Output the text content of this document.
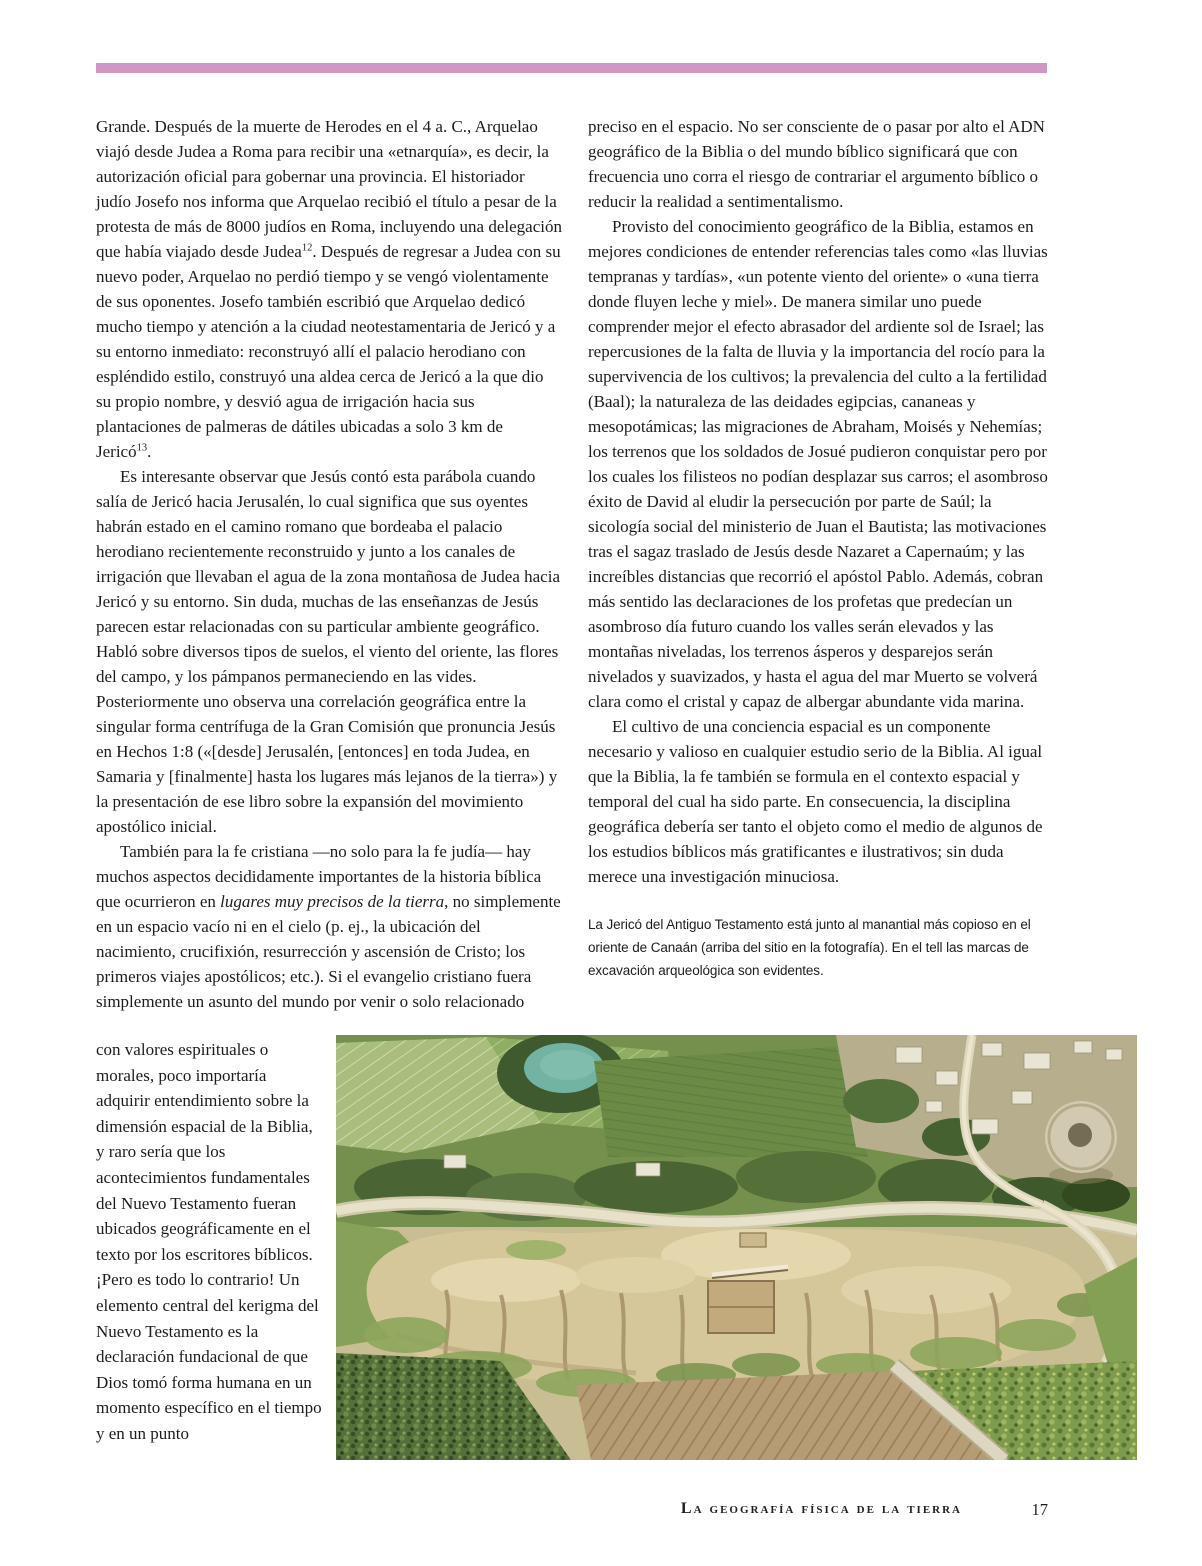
Grande. Después de la muerte de Herodes en el 4 a. C., Arquelao viajó desde Judea a Roma para recibir una «etnarquía», es decir, la autorización oficial para gobernar una provincia. El historiador judío Josefo nos informa que Arquelao recibió el título a pesar de la protesta de más de 8000 judíos en Roma, incluyendo una delegación que había viajado desde Judea$^{12}$. Después de regresar a Judea con su nuevo poder, Arquelao no perdió tiempo y se vengó violentamente de sus oponentes. Josefo también escribió que Arquelao dedicó mucho tiempo y atención a la ciudad neotestamentaria de Jericó y a su entorno inmediato: reconstruyó allí el palacio herodiano con espléndido estilo, construyó una aldea cerca de Jericó a la que dio su propio nombre, y desvió agua de irrigación hacia sus plantaciones de palmeras de dátiles ubicadas a solo 3 km de Jericó$^{13}$.

Es interesante observar que Jesús contó esta parábola cuando salía de Jericó hacia Jerusalén, lo cual significa que sus oyentes habrán estado en el camino romano que bordeaba el palacio herodiano recientemente reconstruido y junto a los canales de irrigación que llevaban el agua de la zona montañosa de Judea hacia Jericó y su entorno. Sin duda, muchas de las enseñanzas de Jesús parecen estar relacionadas con su particular ambiente geográfico. Habló sobre diversos tipos de suelos, el viento del oriente, las flores del campo, y los pámpanos permaneciendo en las vides. Posteriormente uno observa una correlación geográfica entre la singular forma centrífuga de la Gran Comisión que pronuncia Jesús en Hechos 1:8 («[desde] Jerusalén, [entonces] en toda Judea, en Samaria y [finalmente] hasta los lugares más lejanos de la tierra») y la presentación de ese libro sobre la expansión del movimiento apostólico inicial.

También para la fe cristiana —no solo para la fe judía— hay muchos aspectos decididamente importantes de la historia bíblica que ocurrieron en lugares muy precisos de la tierra, no simplemente en un espacio vacío ni en el cielo (p. ej., la ubicación del nacimiento, crucifixión, resurrección y ascensión de Cristo; los primeros viajes apostólicos; etc.). Si el evangelio cristiano fuera simplemente un asunto del mundo por venir o solo relacionado

con valores espirituales o morales, poco importaría adquirir entendimiento sobre la dimensión espacial de la Biblia, y raro sería que los acontecimientos fundamentales del Nuevo Testamento fueran ubicados geográficamente en el texto por los escritores bíblicos. ¡Pero es todo lo contrario! Un elemento central del kerigma del Nuevo Testamento es la declaración fundacional de que Dios tomó forma humana en un momento específico en el tiempo y en un punto

preciso en el espacio. No ser consciente de o pasar por alto el ADN geográfico de la Biblia o del mundo bíblico significará que con frecuencia uno corra el riesgo de contrariar el argumento bíblico o reducir la realidad a sentimentalismo.

Provisto del conocimiento geográfico de la Biblia, estamos en mejores condiciones de entender referencias tales como «las lluvias tempranas y tardías», «un potente viento del oriente» o «una tierra donde fluyen leche y miel». De manera similar uno puede comprender mejor el efecto abrasador del ardiente sol de Israel; las repercusiones de la falta de lluvia y la importancia del rocío para la supervivencia de los cultivos; la prevalencia del culto a la fertilidad (Baal); la naturaleza de las deidades egipcias, cananeas y mesopotámicas; las migraciones de Abraham, Moisés y Nehemías; los terrenos que los soldados de Josué pudieron conquistar pero por los cuales los filisteos no podían desplazar sus carros; el asombroso éxito de David al eludir la persecución por parte de Saúl; la sicología social del ministerio de Juan el Bautista; las motivaciones tras el sagaz traslado de Jesús desde Nazaret a Capernaúm; y las increíbles distancias que recorrió el apóstol Pablo. Además, cobran más sentido las declaraciones de los profetas que predecían un asombroso día futuro cuando los valles serán elevados y las montañas niveladas, los terrenos ásperos y desparejos serán nivelados y suavizados, y hasta el agua del mar Muerto se volverá clara como el cristal y capaz de albergar abundante vida marina.

El cultivo de una conciencia espacial es un componente necesario y valioso en cualquier estudio serio de la Biblia. Al igual que la Biblia, la fe también se formula en el contexto espacial y temporal del cual ha sido parte. En consecuencia, la disciplina geográfica debería ser tanto el objeto como el medio de algunos de los estudios bíblicos más gratificantes e ilustrativos; sin duda merece una investigación minuciosa.

La Jericó del Antiguo Testamento está junto al manantial más copioso en el oriente de Canaán (arriba del sitio en la fotografía). En el tell las marcas de excavación arqueológica son evidentes.

La geografía física de la tierra	17
